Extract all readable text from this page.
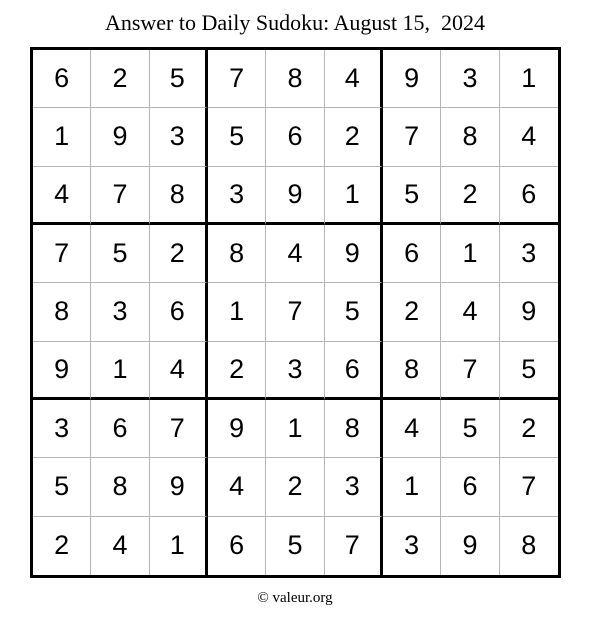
Answer to Daily Sudoku: August 15,  2024
6	2	5	7	8	4	9	3	1
1	9	3	5	6	2	7	8	4
4	7	8	3	9	1	5	2	6
7	5	2	8	4	9	6	1	3
8	3	6	1	7	5	2	4	9
9	1	4	2	3	6	8	7	5
3	6	7	9	1	8	4	5	2
5	8	9	4	2	3	1	6	7
2	4	1	6	5	7	3	9	8
© valeur.org
